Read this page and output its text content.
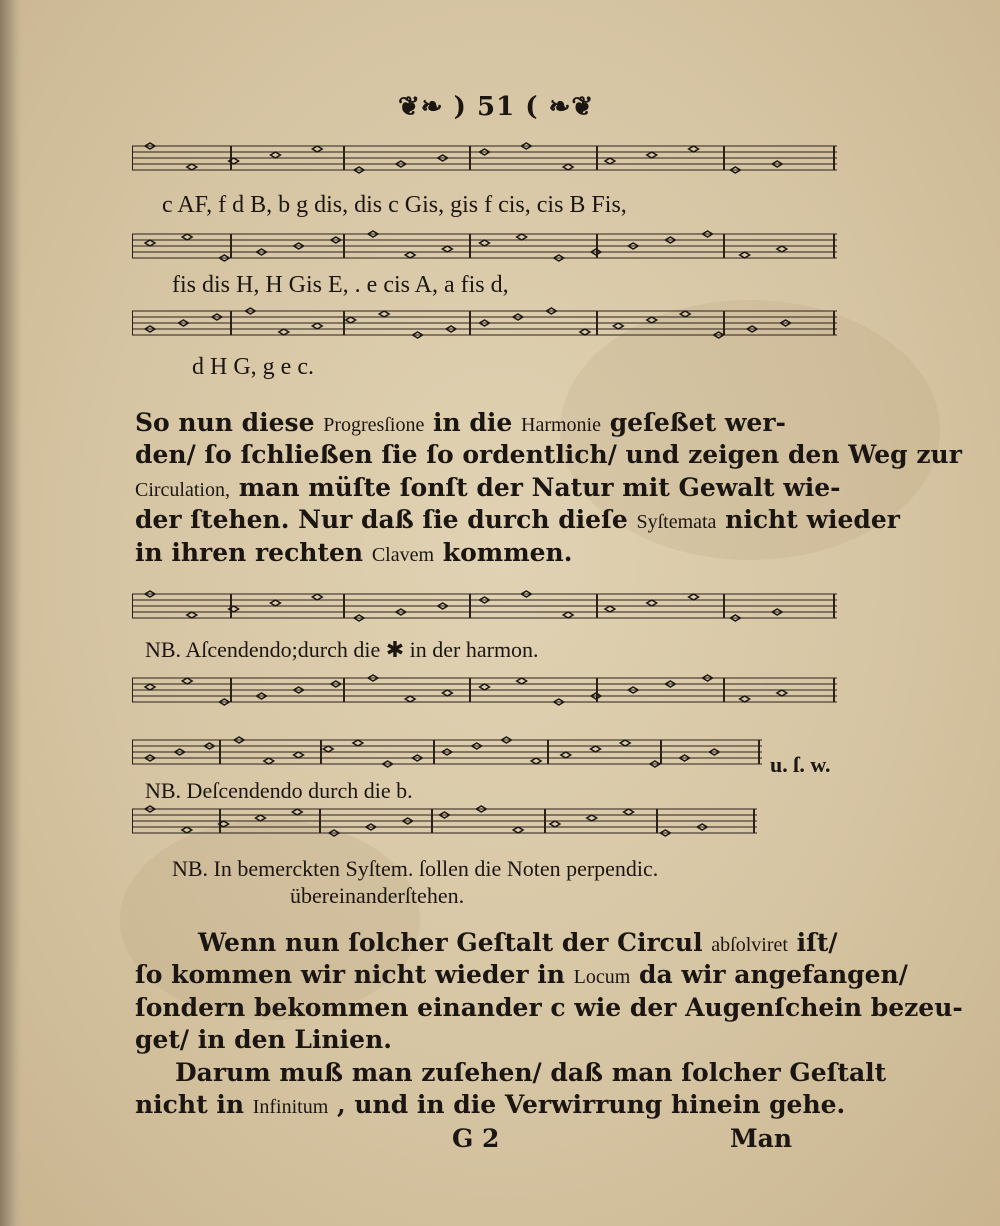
❦❧ ) 51 ( ❧❦
c AF, f d B, b g dis, dis c Gis, gis f cis, cis B Fis,
fis dis H, H Gis E, . e cis A, a fis d,
d H G, g e c.
So nun diese Progresſione in die Harmonie geſeßet wer-
den/ ſo ſchließen ſie ſo ordentlich/ und zeigen den Weg zur
Circulation, man müſte ſonſt der Natur mit Gewalt wie-
der ſtehen. Nur daß ſie durch dieſe Syſtemata nicht wieder
in ihren rechten Clavem kommen.
NB. Aſcendendo;durch die ✱ in der harmon.
u. ſ. w.
NB. Deſcendendo durch die b.
NB. In bemerckten Syſtem. ſollen die Noten perpendic.
übereinanderſtehen.
Wenn nun ſolcher Geſtalt der Circul abſolviret iſt/
ſo kommen wir nicht wieder in Locum da wir angefangen/
ſondern bekommen einander c wie der Augenſchein bezeu-
get/ in den Linien.
Darum muß man zuſehen/ daß man ſolcher Geſtalt
nicht in Infinitum , und in die Verwirrung hinein gehe.
G 2	Man
